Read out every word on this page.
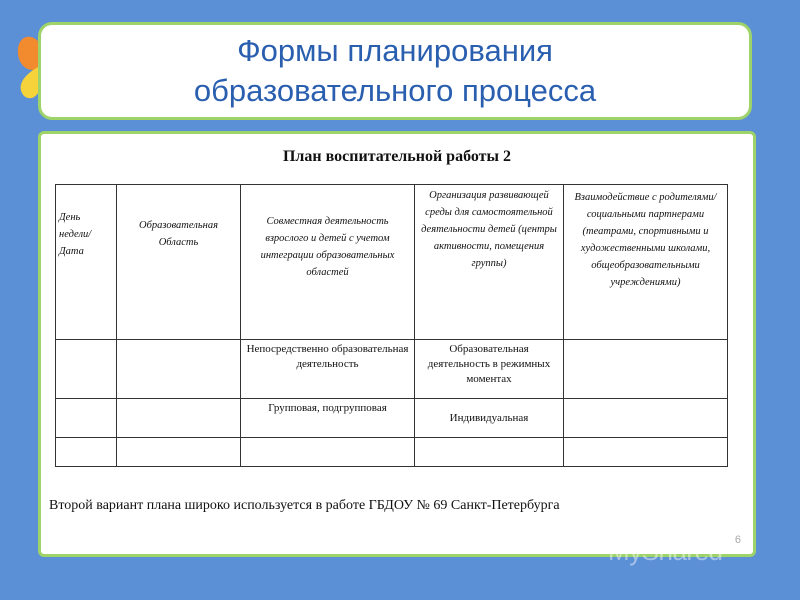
Формы планирования
образовательного процесса
План воспитательной работы 2
День недели/ Дата	Образовательная Область	Совместная деятельность взрослого и детей с учетом интеграции образовательных областей	Организация развивающей среды для самостоятельной деятельности детей (центры активности, помещения группы)	Взаимодействие с родителями/ социальными партнерами (театрами, спортивными и художественными школами, общеобразовательными учреждениями)

		Непосредственно образовательная деятельность	Образовательная деятельность в режимных моментах	
		Групповая, подгрупповая	Индивидуальная	

Второй вариант плана широко используется в работе ГБДОУ № 69 Санкт-Петербурга
6
MyShared
